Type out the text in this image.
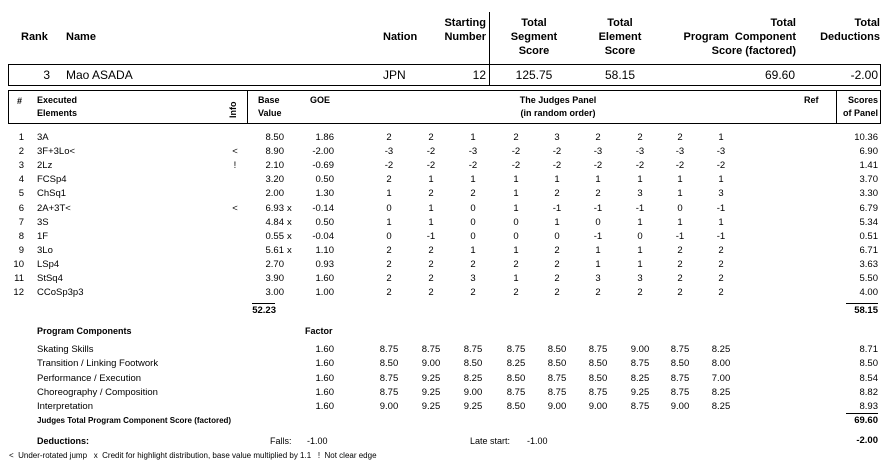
Rank Name	Nation
Starting
Number
Total
Segment
Score
Total
Element
Score
Total
Program  Component
Score (factored)
Total
Deductions
3 Mao ASADA	JPN	12	125.75	58.15	69.60	-2.00
# Executed
Elements	Info
Base
Value
GOE	The Judges Panel
(in random order)
Ref	Scores
of Panel
1 3A	8.50	1.86	2	2	1	2	3	2	2	2	1	10.36
2 3F+3Lo<	<	8.90	-2.00	-3	-2	-3	-2	-2	-3	-3	-3	-3	6.90
3 2Lz	!	2.10	-0.69	-2	-2	-2	-2	-2	-2	-2	-2	-2	1.41
4 FCSp4	3.20	0.50	2	1	1	1	1	1	1	1	1	3.70
5 ChSq1	2.00	1.30	1	2	2	1	2	2	3	1	3	3.30
6 2A+3T<	<	6.93 x	-0.14	0	1	0	1	-1	-1	-1	0	-1	6.79
7 3S	4.84 x	0.50	1	1	0	0	1	0	1	1	1	5.34
8 1F	0.55 x	-0.04	0	-1	0	0	0	-1	0	-1	-1	0.51
9 3Lo	5.61 x	1.10	2	2	1	1	2	1	1	2	2	6.71
10 LSp4	2.70	0.93	2	2	2	2	2	1	1	2	2	3.63
11 StSq4	3.90	1.60	2	2	3	1	2	3	3	2	2	5.50
12 CCoSp3p3	3.00	1.00	2	2	2	2	2	2	2	2	2	4.00
52.23	58.15
Program Components	Factor
Skating Skills	1.60	8.75	8.75	8.75	8.75	8.50	8.75	9.00	8.75	8.25	8.71
Transition / Linking Footwork	1.60	8.50	9.00	8.50	8.25	8.50	8.50	8.75	8.50	8.00	8.50
Performance / Execution	1.60	8.75	9.25	8.25	8.50	8.75	8.50	8.25	8.75	7.00	8.54
Choreography / Composition	1.60	8.75	9.25	9.00	8.75	8.75	8.75	9.25	8.75	8.25	8.82
Interpretation	1.60	9.00	9.25	9.25	8.50	9.00	9.00	8.75	9.00	8.25	8.93
Judges Total Program Component Score (factored)	69.60
Deductions:	Falls: -1.00	Late start: -1.00	-2.00
<  Under-rotated jump   x  Credit for highlight distribution, base value multiplied by 1.1   !  Not clear edge
